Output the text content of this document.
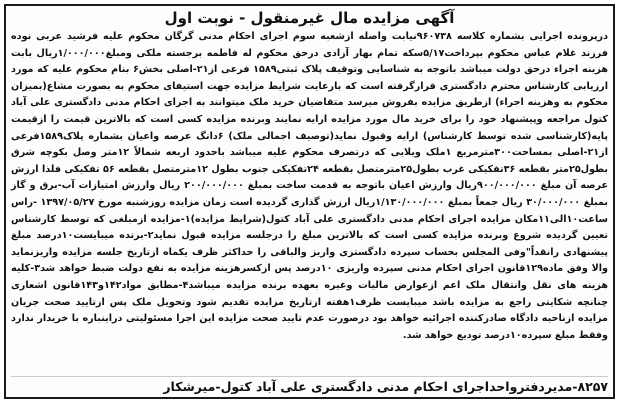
آگهی مزایده مال غیرمنقول - نوبت اول

درپرونده اجرایی بشماره کلاسه ۹۶۰۷۳۸نیابت واصله ازشعبه سوم اجرای احکام مدنی گرگان محکوم علیه فرشید عربی نوده فرزند غلام عباس محکوم بپرداخت۵/۱۷سکه تمام بهار آزادی درحق محکوم له فاطمه برجسته ملکی ومبلغ۱/۰۰۰/۰۰۰ریال بابت هزینه اجراء درحق دولت میباشد باتوجه به شناسایی وتوقیف پلاک ثبتی۱۵۸۹ فرعی از۲۱-اصلی بخش۶ بنام محکوم علیه که مورد ارزیابی کارشناس محترم دادگستری قرارگرفته است که بارعایت شرایط مزایده جهت استیفای محکوم به بصورت مشاع(بمیزان محکوم به وهزینه اجراء) ازطریق مزایده بفروش میرسد متقاضیان خرید ملک میتوانند به اجرای احکام مدنی دادگستری علی آباد کتول مراجعه وپیشنهاد خود را برای خرید مال مورد مزایده ارایه نمایند وبرنده مزایده کسی است که بالاترین قیمت را ازقیمت پایه(کارشناسی شده توسط کارشناس) ارایه وقبول نماید(توصیف اجمالی ملک) ۶دانگ عرصه واعیان بشماره پلاک۱۵۸۹فرعی از۲۱-اصلی بمساحت۳۰۰مترمربع ۱ملک ویلایی که درتصرف محکوم علیه میباشد باحدود اربعه شمالاً ۱۲متر وصل بکوچه شرق بطول۲۵متر بقطعه ۳۶تفکیکی غرب بطول۲۵مترمتصل بقطعه ۲۴تفکیکی جنوب بطول ۱۲مترمتصل بقطعه ۵۶ تفکیکی فلذا ارزش عرصه آن مبلغ ۹۰۰/۰۰۰/۰۰۰ریال وارزش اعیان باتوجه به قدمت ساخت بمبلغ ۲۰۰/۰۰۰/۰۰۰ ریال وارزش امتیازات آب-برق و گاز بمبلغ ۳۰/۰۰۰/۰۰۰ ریال جمعاً بمبلغ ۱/۱۳۰/۰۰۰/۰۰۰ریال ارزش گذاری گردیده است زمان مزایده روزشنبه مورخ ۱۳۹۷/۰۵/۲۷ -راس ساعت۱۰الی۱۱مکان مزایده اجرای احکام مدنی دادگستری علی آباد کتول(شرایط مزایده)۱-مزایده ازمبلغی که توسط کارشناس تعیین گردیده شروع وبرنده مزایده کسی است که بالاترین مبلغ را درجلسه مزایده قبول نماید۲-برنده میبایست۱۰درصد مبلغ پیشنهادی رانقداً"وفی المجلس بحساب سپرده دادگستری واریز والباقی را حداکثر ظرف یکماه ازتاریخ جلسه مزایده واریزنماید والا وفق ماده۱۲۹قانون اجرای احکام مدنی سپرده واریزی ۱۰درصد پس ازکسرهزینه مزایده به نفع دولت ضبط خواهد شد۳-کلیه هزینه های نقل وانتقال ملک اعم ازعوارض مالیات وغیره بعهده برنده مزایده میباشد۴-مطابق مواد۱۴۲و۱۴۳قانون اشعاری چنانچه شکایتی راجع به مزایده باشد میبایست ظرف۱هفته ازتاریخ مزایده تقدیم شود وتحویل ملک پس ازتایید صحت جریان مزایده ازناحیه دادگاه صادرکننده اجرائیه خواهد بود درصورت عدم تایید صحت مزایده این اجرا مسئولیتی دراینباره با خریدار ندارد وفقط مبلغ سپرده۱۰درصد تودیع خواهد شد.

۸۲۵۷-مدیردفترواحداجرای احکام مدنی دادگستری علی آباد کتول-میرشکار
